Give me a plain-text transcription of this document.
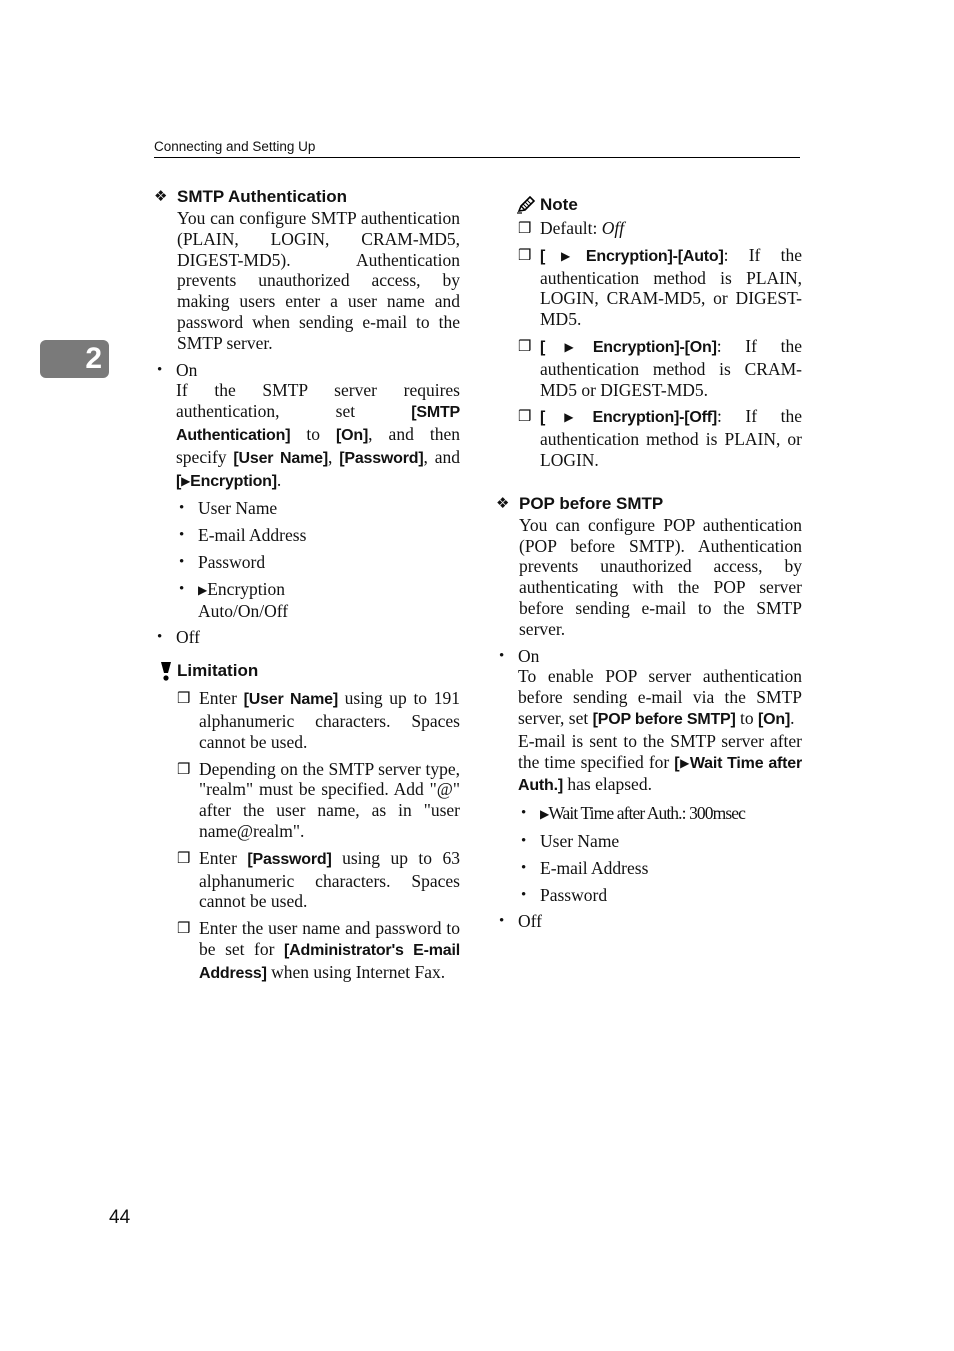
Connecting and Setting Up
2
44
❖ SMTP Authentication

You can configure SMTP authentication (PLAIN, LOGIN, CRAM-MD5, DIGEST-MD5). Authentication prevents unauthorized access, by making users enter a user name and password when sending e-mail to the SMTP server.

• On
If the SMTP server requires authentication, set [SMTP Authentication] to [On], and then specify [User Name], [Password], and [▶Encryption].
• User Name
• E-mail Address
• Password
• ▶Encryption
Auto/On/Off
• Off
Limitation
❒ Enter [User Name] using up to 191 alphanumeric characters. Spaces cannot be used.
❒ Depending on the SMTP server type, "realm" must be specified. Add "@" after the user name, as in "user name@realm".
❒ Enter [Password] using up to 63 alphanumeric characters. Spaces cannot be used.
❒ Enter the user name and password to be set for [Administrator's E-mail Address] when using Internet Fax.
Note
❒ Default: Off
❒ [▶Encryption]-[Auto]: If the authentication method is PLAIN, LOGIN, CRAM-MD5, or DIGEST-MD5.
❒ [▶Encryption]-[On]: If the authentication method is CRAM-MD5 or DIGEST-MD5.
❒ [▶Encryption]-[Off]: If the authentication method is PLAIN, or LOGIN.
❖ POP before SMTP

You can configure POP authentication (POP before SMTP). Authentication prevents unauthorized access, by authenticating with the POP server before sending e-mail to the SMTP server.

• On
To enable POP server authentication before sending e-mail via the SMTP server, set [POP before SMTP] to [On].
E-mail is sent to the SMTP server after the time specified for [▶Wait Time after Auth.] has elapsed.
• ▶Wait Time after Auth.: 300msec
• User Name
• E-mail Address
• Password
• Off
